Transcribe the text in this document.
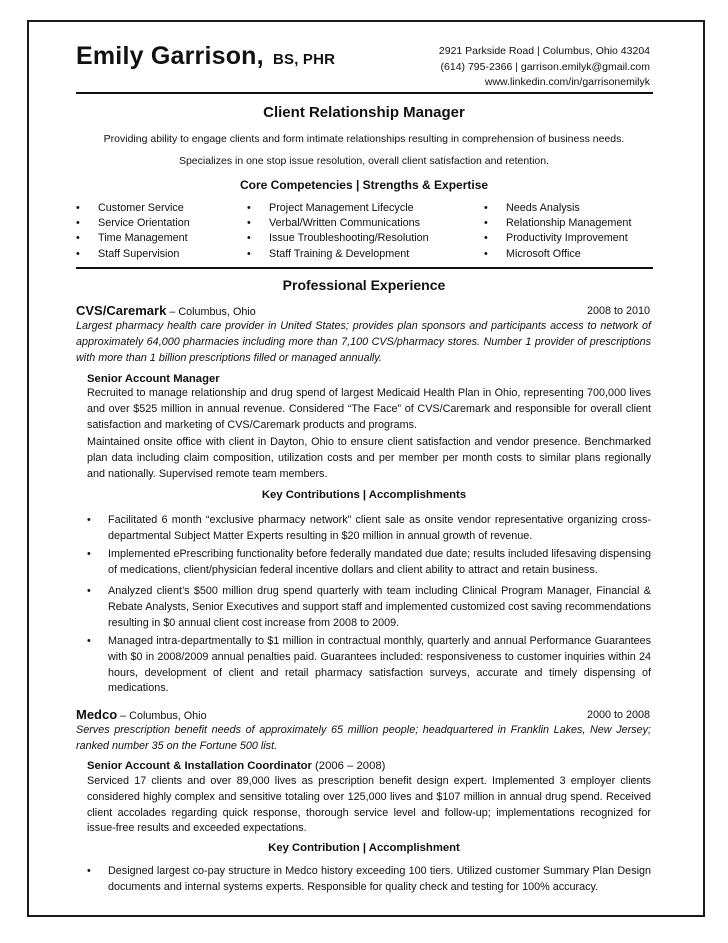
Emily Garrison, BS, PHR	2921 Parkside Road | Columbus, Ohio 43204
(614) 795-2366 | garrison.emilyk@gmail.com
www.linkedin.com/in/garrisonemilyk
Client Relationship Manager
Providing ability to engage clients and form intimate relationships resulting in comprehension of business needs.
Specializes in one stop issue resolution, overall client satisfaction and retention.
Core Competencies | Strengths & Expertise
• Customer Service
• Service Orientation
• Time Management
• Staff Supervision
• Project Management Lifecycle
• Verbal/Written Communications
• Issue Troubleshooting/Resolution
• Staff Training & Development
• Needs Analysis
• Relationship Management
• Productivity Improvement
• Microsoft Office
Professional Experience
CVS/Caremark – Columbus, Ohio	2008 to 2010
Largest pharmacy health care provider in United States; provides plan sponsors and participants access to network of approximately 64,000 pharmacies including more than 7,100 CVS/pharmacy stores. Number 1 provider of prescriptions with more than 1 billion prescriptions filled or managed annually.
Senior Account Manager
Recruited to manage relationship and drug spend of largest Medicaid Health Plan in Ohio, representing 700,000 lives and over $525 million in annual revenue. Considered “The Face” of CVS/Caremark and responsible for overall client satisfaction and marketing of CVS/Caremark products and programs.
Maintained onsite office with client in Dayton, Ohio to ensure client satisfaction and vendor presence. Benchmarked plan data including claim composition, utilization costs and per member per month costs to similar plans regionally and nationally. Supervised remote team members.
Key Contributions | Accomplishments
• Facilitated 6 month “exclusive pharmacy network” client sale as onsite vendor representative organizing cross-departmental Subject Matter Experts resulting in $20 million in annual growth of revenue.
• Implemented ePrescribing functionality before federally mandated due date; results included lifesaving dispensing of medications, client/physician federal incentive dollars and client ability to attract and retain business.
• Analyzed client’s $500 million drug spend quarterly with team including Clinical Program Manager, Financial & Rebate Analysts, Senior Executives and support staff and implemented customized cost saving recommendations resulting in $0 annual client cost increase from 2008 to 2009.
• Managed intra-departmentally to $1 million in contractual monthly, quarterly and annual Performance Guarantees with $0 in 2008/2009 annual penalties paid. Guarantees included: responsiveness to customer inquiries within 24 hours, development of client and retail pharmacy satisfaction surveys, accurate and timely dispensing of medications.
Medco – Columbus, Ohio	2000 to 2008
Serves prescription benefit needs of approximately 65 million people; headquartered in Franklin Lakes, New Jersey; ranked number 35 on the Fortune 500 list.
Senior Account & Installation Coordinator (2006 – 2008)
Serviced 17 clients and over 89,000 lives as prescription benefit design expert. Implemented 3 employer clients considered highly complex and sensitive totaling over 125,000 lives and $107 million in annual drug spend. Received client accolades regarding quick response, thorough service level and follow-up; implementations recognized for issue-free results and exceeded expectations.
Key Contribution | Accomplishment
• Designed largest co-pay structure in Medco history exceeding 100 tiers. Utilized customer Summary Plan Design documents and internal systems experts. Responsible for quality check and testing for 100% accuracy.
